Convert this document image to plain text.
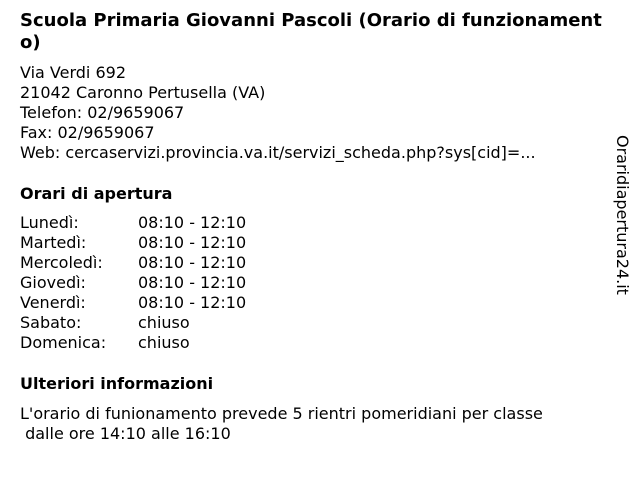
Scuola Primaria Giovanni Pascoli (Orario di funzionamento)
Via Verdi 692
21042 Caronno Pertusella (VA)
Telefon: 02/9659067
Fax: 02/9659067
Web: cercaservizi.provincia.va.it/servizi_scheda.php?sys[cid]=...
Orari di apertura
Lunedì:	08:10 - 12:10
Martedì:	08:10 - 12:10
Mercoledì: 08:10 - 12:10
Giovedì:	08:10 - 12:10
Venerdì:	08:10 - 12:10
Sabato:	chiuso
Domenica: chiuso
Ulteriori informazioni

L'orario di funionamento prevede 5 rientri pomeridiani per classe
dalle ore 14:10 alle 16:10

Oraridiapertura24.it
